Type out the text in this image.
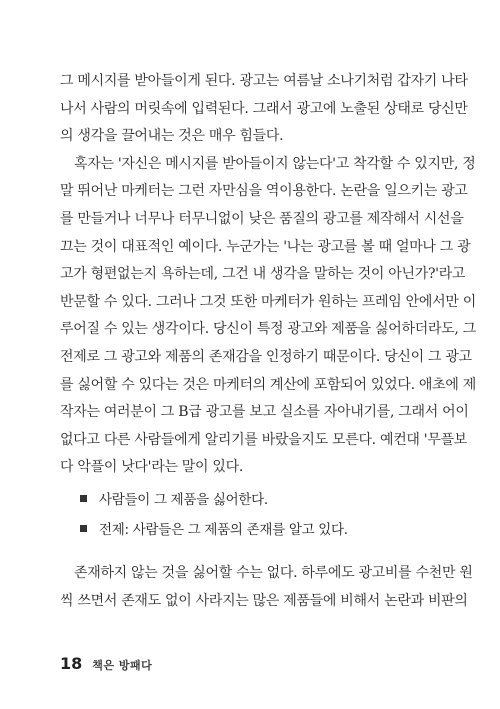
그 메시지를 받아들이게 된다. 광고는 여름날 소나기처럼 갑자기 나타
나서 사람의 머릿속에 입력된다. 그래서 광고에 노출된 상태로 당신만
의 생각을 끌어내는 것은 매우 힘들다.
혹자는 '자신은 메시지를 받아들이지 않는다'고 착각할 수 있지만, 정
말 뛰어난 마케터는 그런 자만심을 역이용한다. 논란을 일으키는 광고
를 만들거나 너무나 터무니없이 낮은 품질의 광고를 제작해서 시선을
끄는 것이 대표적인 예이다. 누군가는 '나는 광고를 볼 때 얼마나 그 광
고가 형편없는지 욕하는데, 그건 내 생각을 말하는 것이 아닌가?'라고
반문할 수 있다. 그러나 그것 또한 마케터가 원하는 프레임 안에서만 이
루어질 수 있는 생각이다. 당신이 특정 광고와 제품을 싫어하더라도, 그
전제로 그 광고와 제품의 존재감을 인정하기 때문이다. 당신이 그 광고
를 싫어할 수 있다는 것은 마케터의 계산에 포함되어 있었다. 애초에 제
작자는 여러분이 그 B급 광고를 보고 실소를 자아내기를, 그래서 어이
없다고 다른 사람들에게 알리기를 바랐을지도 모른다. 예컨대 '무플보
다 악플이 낫다'라는 말이 있다.
사람들이 그 제품을 싫어한다.
전제: 사람들은 그 제품의 존재를 알고 있다.
존재하지 않는 것을 싫어할 수는 없다. 하루에도 광고비를 수천만 원
씩 쓰면서 존재도 없이 사라지는 많은 제품들에 비해서 논란과 비판의
18 책은 방패다
